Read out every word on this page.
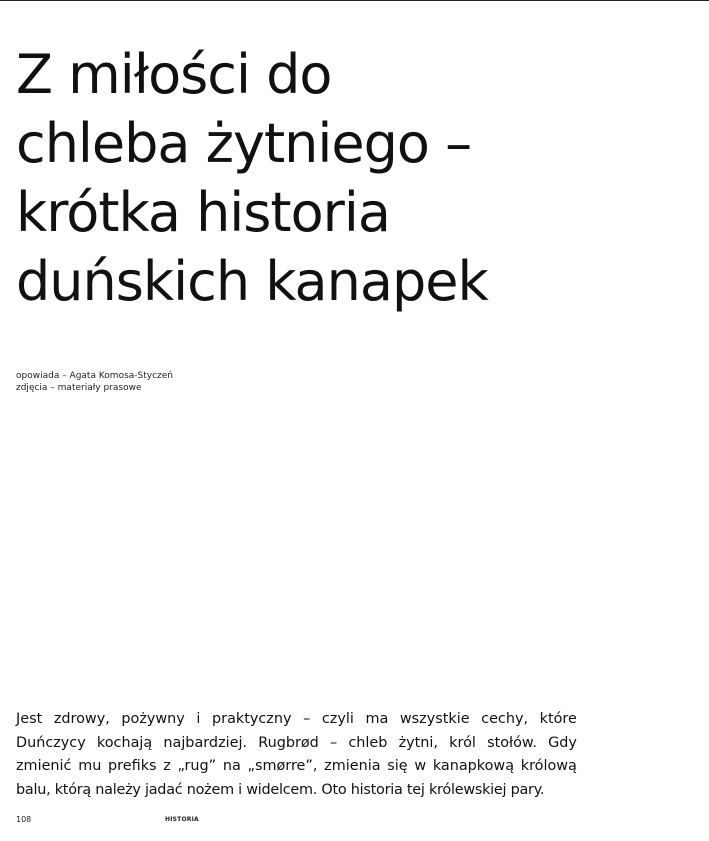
Z miłości do
chleba żytniego –
krótka historia
duńskich kanapek
opowiada – Agata Komosa-Styczeń
zdjęcia – materiały prasowe
Jest zdrowy, pożywny i praktyczny – czyli ma wszystkie cechy, które
Duńczycy kochają najbardziej. Rugbrød – chleb żytni, król stołów. Gdy
zmienić mu prefiks z „rug” na „smørre”, zmienia się w kanapkową królową
balu, którą należy jadać nożem i widelcem. Oto historia tej królewskiej pary.
108	HISTORIA
